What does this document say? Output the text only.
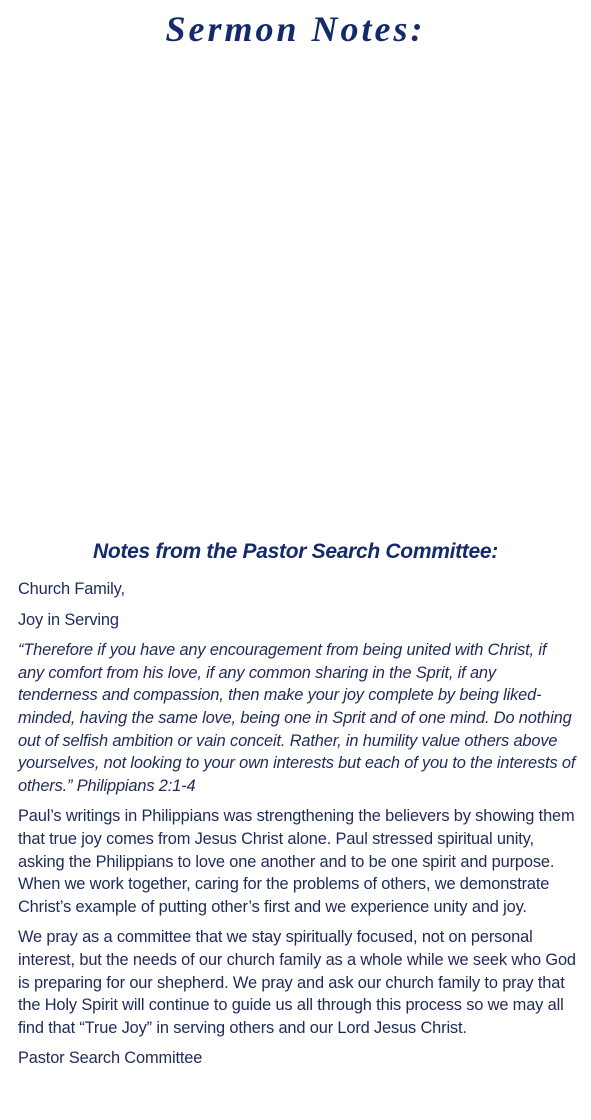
Sermon Notes:
Notes from the Pastor Search Committee:

Church Family,

Joy in Serving

“Therefore if you have any encouragement from being united with Christ, if any comfort from his love, if any common sharing in the Sprit, if any tenderness and compassion, then make your joy complete by being liked-minded, having the same love, being one in Sprit and of one mind. Do nothing out of selfish ambition or vain conceit. Rather, in humility value others above yourselves, not looking to your own interests but each of you to the interests of others.” Philippians 2:1-4

Paul’s writings in Philippians was strengthening the believers by showing them that true joy comes from Jesus Christ alone. Paul stressed spiritual unity, asking the Philippians to love one another and to be one spirit and purpose. When we work together, caring for the problems of others, we demonstrate Christ’s example of putting other’s first and we experience unity and joy.

We pray as a committee that we stay spiritually focused, not on personal interest, but the needs of our church family as a whole while we seek who God is preparing for our shepherd. We pray and ask our church family to pray that the Holy Spirit will continue to guide us all through this process so we may all find that “True Joy” in serving others and our Lord Jesus Christ.

Pastor Search Committee
